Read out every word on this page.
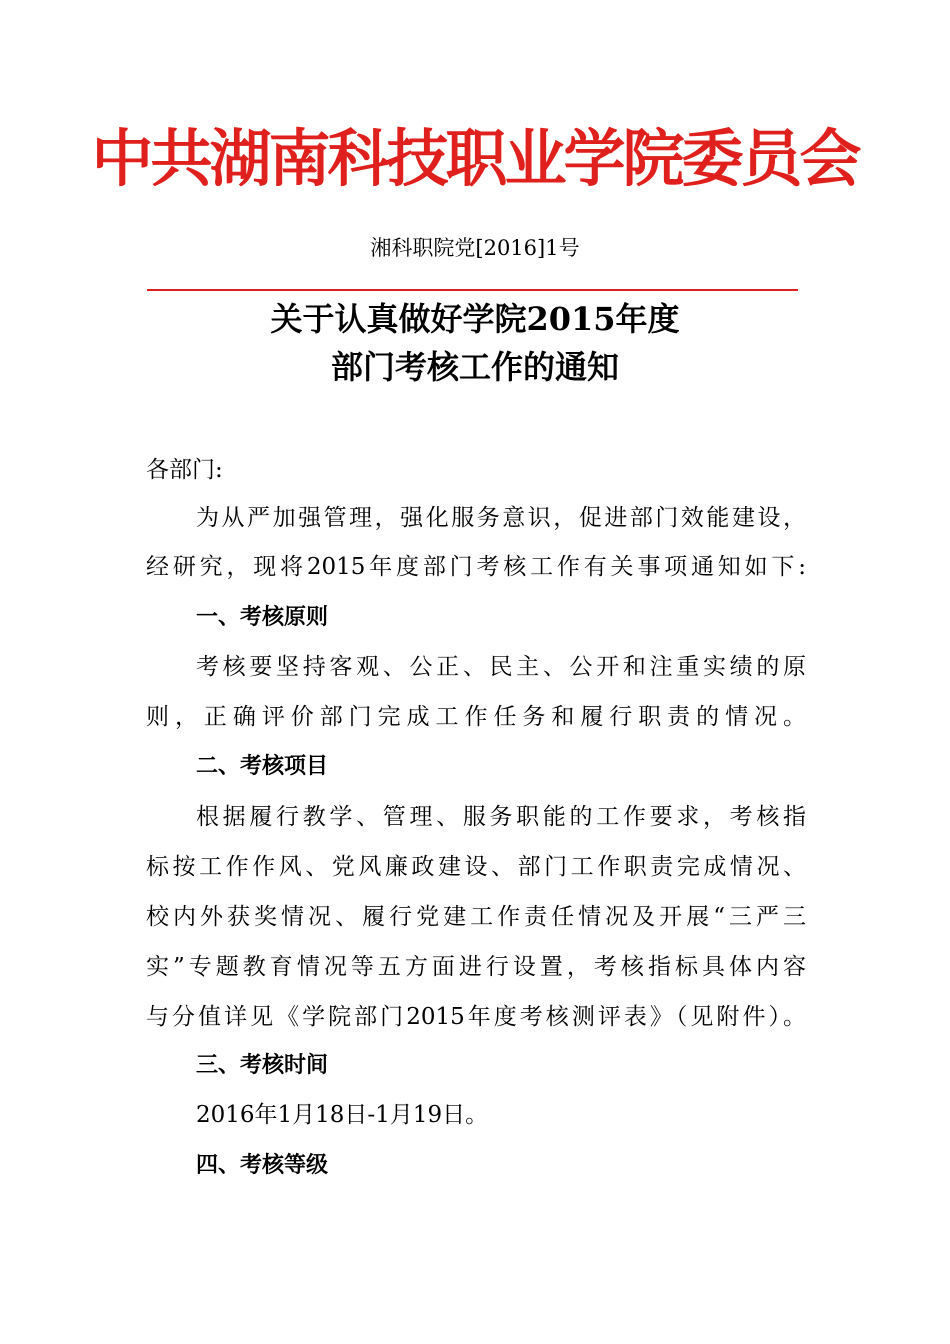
中共湖南科技职业学院委员会
湘科职院党[2016]1号
关于认真做好学院2015年度
部门考核工作的通知
各部门:
为从严加强管理，强化服务意识，促进部门效能建设，
经研究，现将2015年度部门考核工作有关事项通知如下:
一、考核原则
考核要坚持客观、公正、民主、公开和注重实绩的原
则，正确评价部门完成工作任务和履行职责的情况。
二、考核项目
根据履行教学、管理、服务职能的工作要求，考核指
标按工作作风、党风廉政建设、部门工作职责完成情况、
校内外获奖情况、履行党建工作责任情况及开展“三严三
实”专题教育情况等五方面进行设置，考核指标具体内容
与分值详见《学院部门2015年度考核测评表》（见附件）。
三、考核时间
2016年1月18日-1月19日。
四、考核等级
